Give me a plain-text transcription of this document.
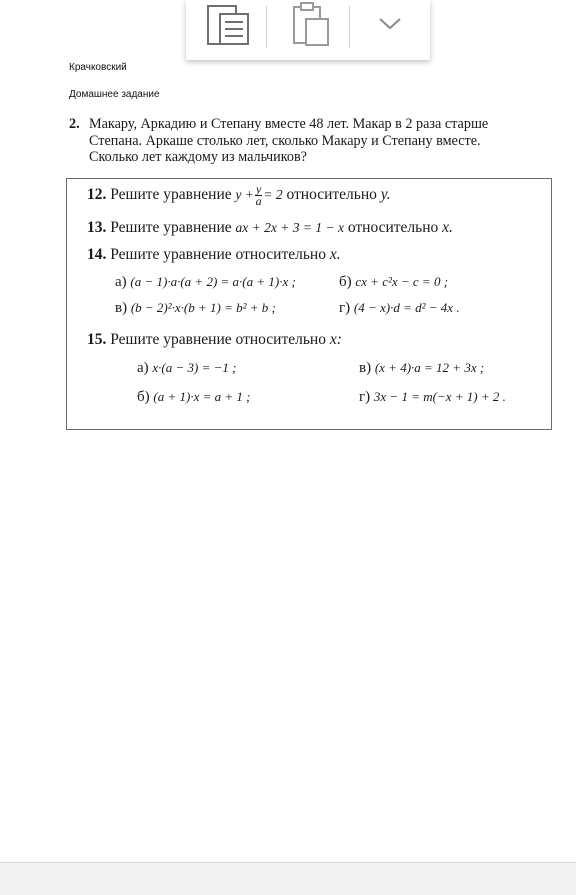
Крачковский
Домашнее задание
2. Макару, Аркадию и Степану вместе 48 лет. Макар в 2 раза старше
Степана. Аркаше столько лет, сколько Макару и Степану вместе.
Сколько лет каждому из мальчиков?
12. Решите уравнение $y + \frac{y}{a} = 2$ относительно y.
13. Решите уравнение ax + 2x + 3 = 1 − x относительно x.
14. Решите уравнение относительно x.
а) (a − 1)·a·(a + 2) = a·(a + 1)·x ;	б) cx + c²x − c = 0 ;
в) (b − 2)²·x·(b + 1) = b² + b ;	г) (4 − x)·d = d² − 4x .
15. Решите уравнение относительно x:
а) x·(a − 3) = −1 ;	в) (x + 4)·a = 12 + 3x ;
б) (a + 1)·x = a + 1 ;	г) 3x − 1 = m(−x + 1) + 2 .
